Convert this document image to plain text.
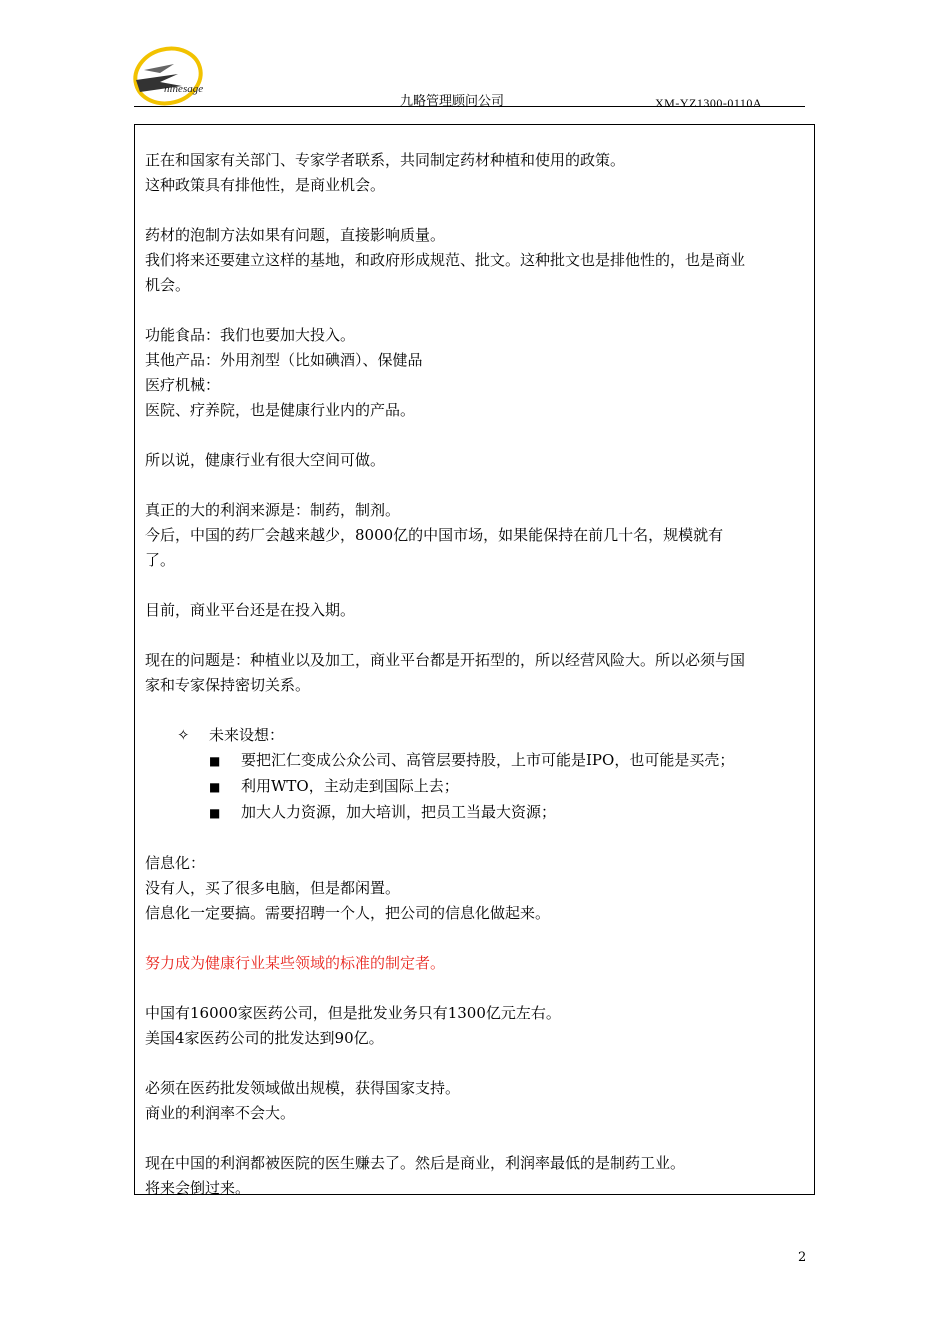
ninesage
九略管理顾问公司	XM-YZ1300-0110A
正在和国家有关部门、专家学者联系，共同制定药材种植和使用的政策。
这种政策具有排他性，是商业机会。
药材的泡制方法如果有问题，直接影响质量。
我们将来还要建立这样的基地，和政府形成规范、批文。这种批文也是排他性的，也是商业
机会。
功能食品：我们也要加大投入。
其他产品：外用剂型（比如碘酒）、保健品
医疗机械：
医院、疗养院，也是健康行业内的产品。
所以说，健康行业有很大空间可做。
真正的大的利润来源是：制药，制剂。
今后，中国的药厂会越来越少，8000亿的中国市场，如果能保持在前几十名，规模就有
了。
目前，商业平台还是在投入期。
现在的问题是：种植业以及加工，商业平台都是开拓型的，所以经营风险大。所以必须与国
家和专家保持密切关系。
✧ 未来设想：
■ 要把汇仁变成公众公司、高管层要持股，上市可能是IPO，也可能是买壳；
■ 利用WTO，主动走到国际上去；
■ 加大人力资源，加大培训，把员工当最大资源；
信息化：
没有人，买了很多电脑，但是都闲置。
信息化一定要搞。需要招聘一个人，把公司的信息化做起来。
努力成为健康行业某些领域的标准的制定者。
中国有16000家医药公司，但是批发业务只有1300亿元左右。
美国4家医药公司的批发达到90亿。
必须在医药批发领域做出规模，获得国家支持。
商业的利润率不会大。
现在中国的利润都被医院的医生赚去了。然后是商业，利润率最低的是制药工业。
将来会倒过来。
2
